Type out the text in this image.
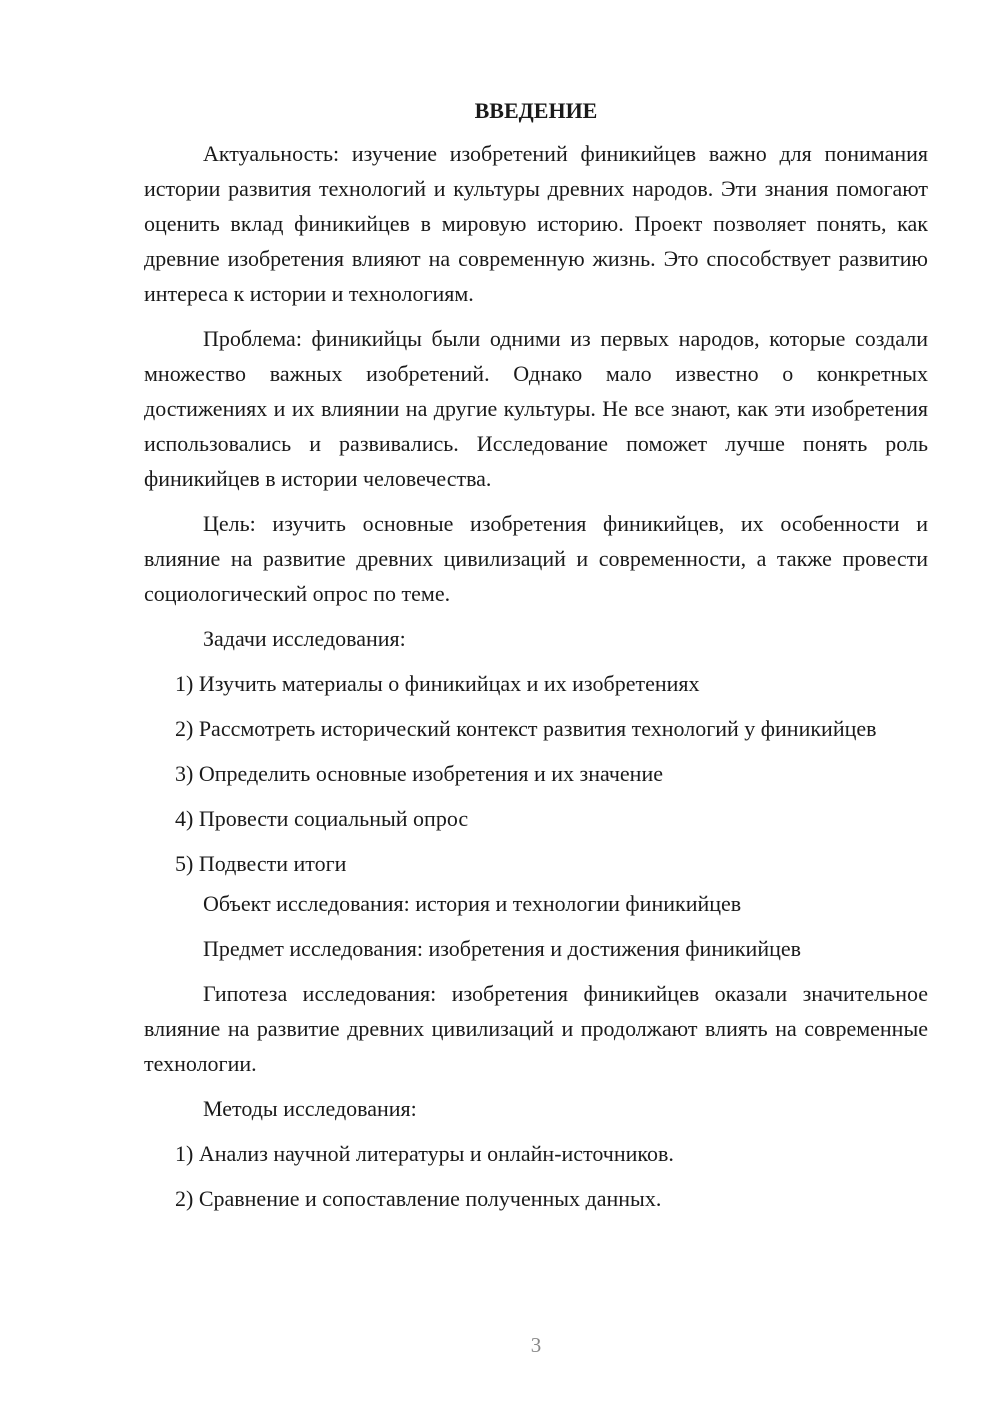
ВВЕДЕНИЕ

Актуальность: изучение изобретений финикийцев важно для понимания истории развития технологий и культуры древних народов. Эти знания помогают оценить вклад финикийцев в мировую историю. Проект позволяет понять, как древние изобретения влияют на современную жизнь. Это способствует развитию интереса к истории и технологиям.

Проблема: финикийцы были одними из первых народов, которые создали множество важных изобретений. Однако мало известно о конкретных достижениях и их влиянии на другие культуры. Не все знают, как эти изобретения использовались и развивались. Исследование поможет лучше понять роль финикийцев в истории человечества.

Цель: изучить основные изобретения финикийцев, их особенности и влияние на развитие древних цивилизаций и современности, а также провести социологический опрос по теме.

Задачи исследования:

1) Изучить материалы о финикийцах и их изобретениях

2) Рассмотреть исторический контекст развития технологий у финикийцев

3) Определить основные изобретения и их значение

4) Провести социальный опрос

5) Подвести итоги

Объект исследования: история и технологии финикийцев

Предмет исследования: изобретения и достижения финикийцев

Гипотеза исследования: изобретения финикийцев оказали значительное влияние на развитие древних цивилизаций и продолжают влиять на современные технологии.

Методы исследования:

1) Анализ научной литературы и онлайн-источников.

2) Сравнение и сопоставление полученных данных.

3
